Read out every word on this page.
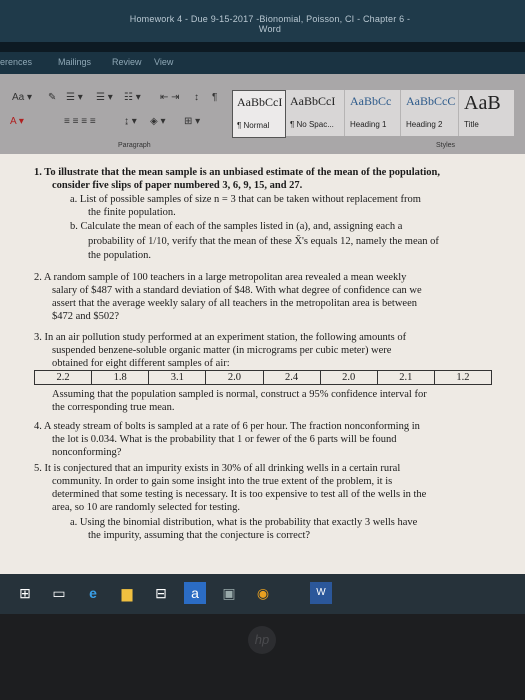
Homework 4 - Due 9-15-2017 -Bionomial, Poisson, CI - Chapter 6 - Word
erences	Mailings Review View
Aa ▾ ✎ ☰ ▾ ☰ ▾ ☷ ▾ ⇤ ⇥ ↕ ¶
A ▾	≡ ≡ ≡ ≡	↨ ▾ ◈ ▾ ⊞ ▾
AaBbCcI
¶ Normal
AaBbCcI
¶ No Spac...
AaBbCc
Heading 1
AaBbCcC
Heading 2
AaB
Title
Paragraph	Styles
1. To illustrate that the mean sample is an unbiased estimate of the mean of the population,
consider five slips of paper numbered 3, 6, 9, 15, and 27.
a. List of possible samples of size n = 3 that can be taken without replacement from
the finite population.
b. Calculate the mean of each of the samples listed in (a), and, assigning each a
probability of 1/10, verify that the mean of these X̄'s equals 12, namely the mean of
the population.
2. A random sample of 100 teachers in a large metropolitan area revealed a mean weekly
salary of $487 with a standard deviation of $48. With what degree of confidence can we
assert that the average weekly salary of all teachers in the metropolitan area is between
$472 and $502?
3. In an air pollution study performed at an experiment station, the following amounts of
suspended benzene-soluble organic matter (in micrograms per cubic meter) were
obtained for eight different samples of air:
2.2	1.8	3.1	2.0	2.4	2.0	2.1	1.2
Assuming that the population sampled is normal, construct a 95% confidence interval for
the corresponding true mean.
4. A steady stream of bolts is sampled at a rate of 6 per hour. The fraction nonconforming in
the lot is 0.034. What is the probability that 1 or fewer of the 6 parts will be found
nonconforming?
5. It is conjectured that an impurity exists in 30% of all drinking wells in a certain rural
community. In order to gain some insight into the true extent of the problem, it is
determined that some testing is necessary. It is too expensive to test all of the wells in the
area, so 10 are randomly selected for testing.
a. Using the binomial distribution, what is the probability that exactly 3 wells have
the impurity, assuming that the conjecture is correct?
⊞	▭	e	▆	⊟	a	▣	◉	W
hp
